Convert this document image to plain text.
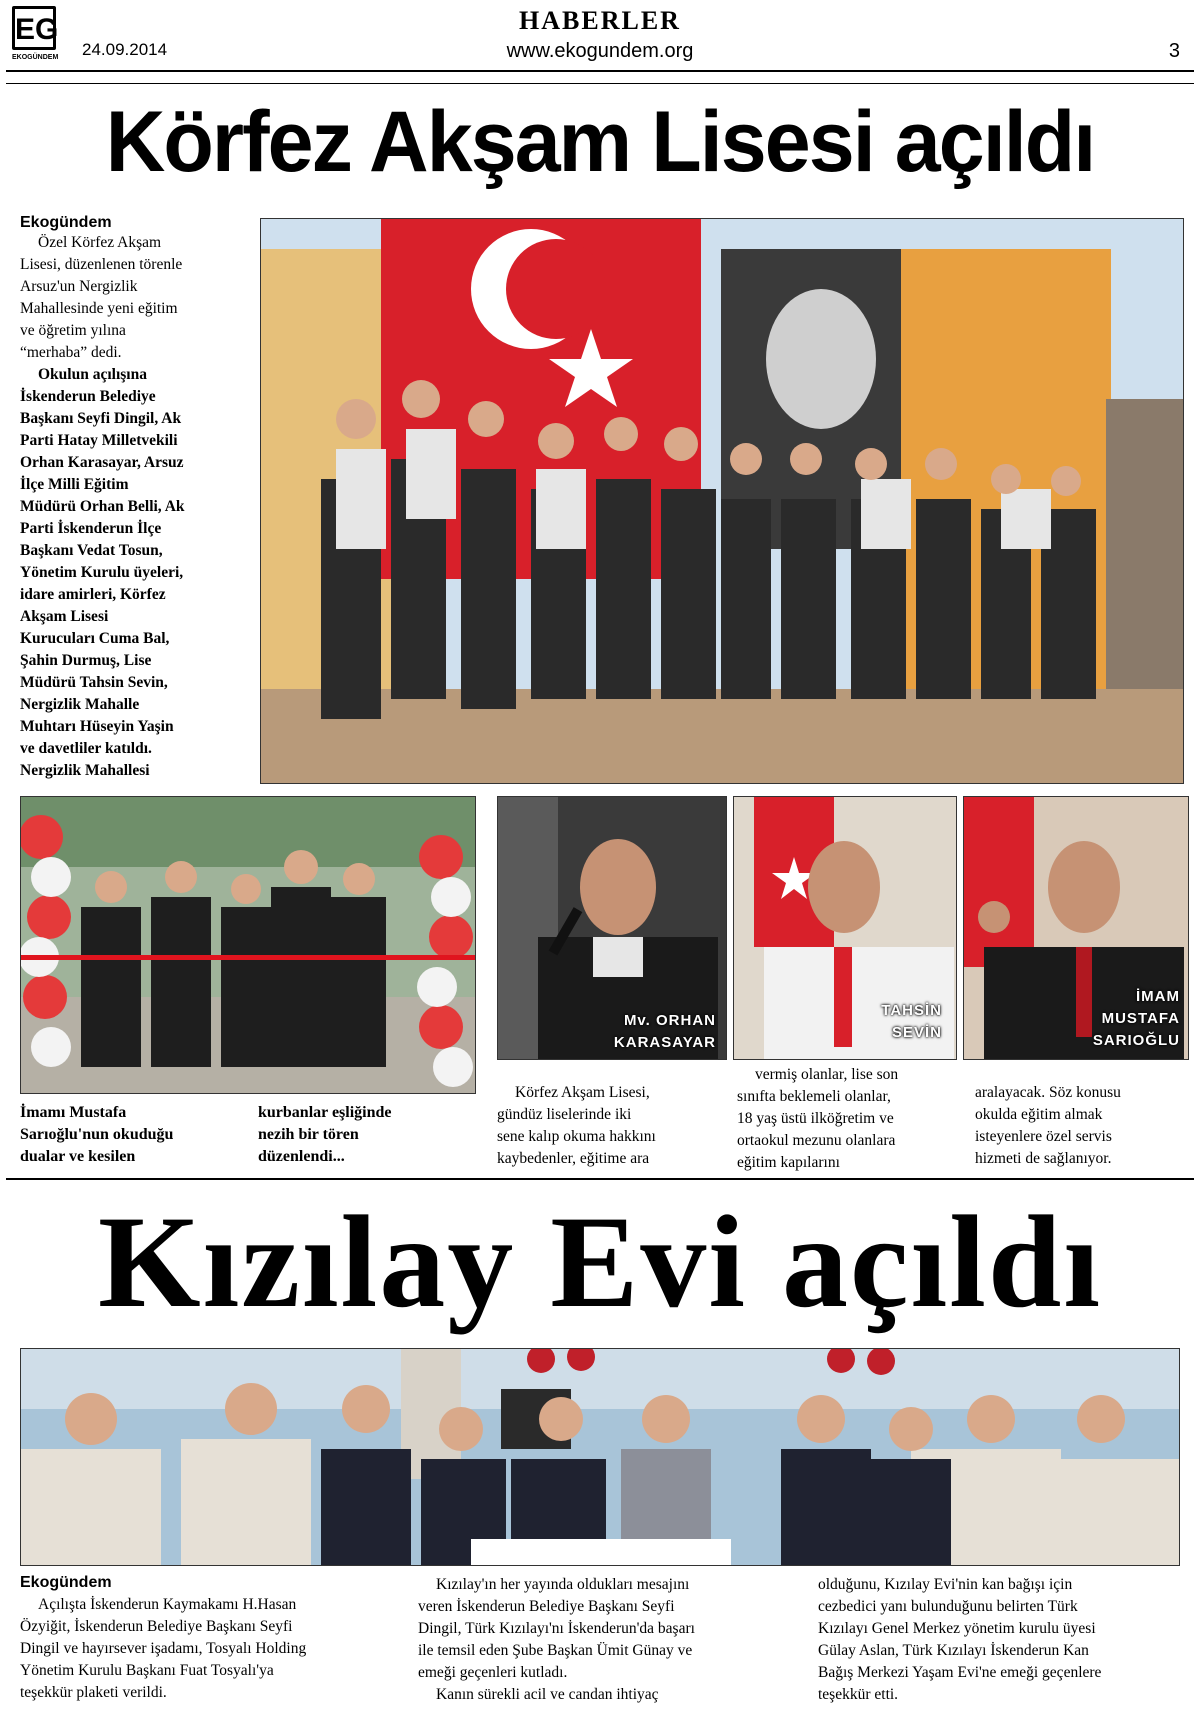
EG
EKOGÜNDEM
HABERLER
24.09.2014	www.ekogundem.org	3
Körfez Akşam Lisesi açıldı
Ekogündem
Özel Körfez Akşam
Lisesi, düzenlenen törenle
Arsuz'un Nergizlik
Mahallesinde yeni eğitim
ve öğretim yılına
“merhaba” dedi.
Okulun açılışına
İskenderun Belediye
Başkanı Seyfi Dingil, Ak
Parti Hatay Milletvekili
Orhan Karasayar, Arsuz
İlçe Milli Eğitim
Müdürü Orhan Belli, Ak
Parti İskenderun İlçe
Başkanı Vedat Tosun,
Yönetim Kurulu üyeleri,
idare amirleri, Körfez
Akşam Lisesi
Kurucuları Cuma Bal,
Şahin Durmuş, Lise
Müdürü Tahsin Sevin,
Nergizlik Mahalle
Muhtarı Hüseyin Yaşin
ve davetliler katıldı.
Nergizlik Mahallesi
İmamı Mustafa
Sarıoğlu'nun okuduğu
dualar ve kesilen
kurbanlar eşliğinde
nezih bir tören
düzenlendi...
Mv. ORHAN
KARASAYAR
TAHSİN
SEVİN
İMAM
MUSTAFA
SARIOĞLU
Körfez Akşam Lisesi,
gündüz liselerinde iki
sene kalıp okuma hakkını
kaybedenler, eğitime ara
vermiş olanlar, lise son
sınıfta beklemeli olanlar,
18 yaş üstü ilköğretim ve
ortaokul mezunu olanlara
eğitim kapılarını
aralayacak. Söz konusu
okulda eğitim almak
isteyenlere özel servis
hizmeti de sağlanıyor.
Kızılay Evi açıldı
Ekogündem
Açılışta İskenderun Kaymakamı H.Hasan
Özyiğit, İskenderun Belediye Başkanı Seyfi
Dingil ve hayırsever işadamı, Tosyalı Holding
Yönetim Kurulu Başkanı Fuat Tosyalı'ya
teşekkür plaketi verildi.
Kızılay'ın her yayında oldukları mesajını
veren İskenderun Belediye Başkanı Seyfi
Dingil, Türk Kızılayı'nı İskenderun'da başarı
ile temsil eden Şube Başkan Ümit Günay ve
emeği geçenleri kutladı.
Kanın sürekli acil ve candan ihtiyaç
olduğunu, Kızılay Evi'nin kan bağışı için
cezbedici yanı bulunduğunu belirten Türk
Kızılayı Genel Merkez yönetim kurulu üyesi
Gülay Aslan, Türk Kızılayı İskenderun Kan
Bağış Merkezi Yaşam Evi'ne emeği geçenlere
teşekkür etti.
